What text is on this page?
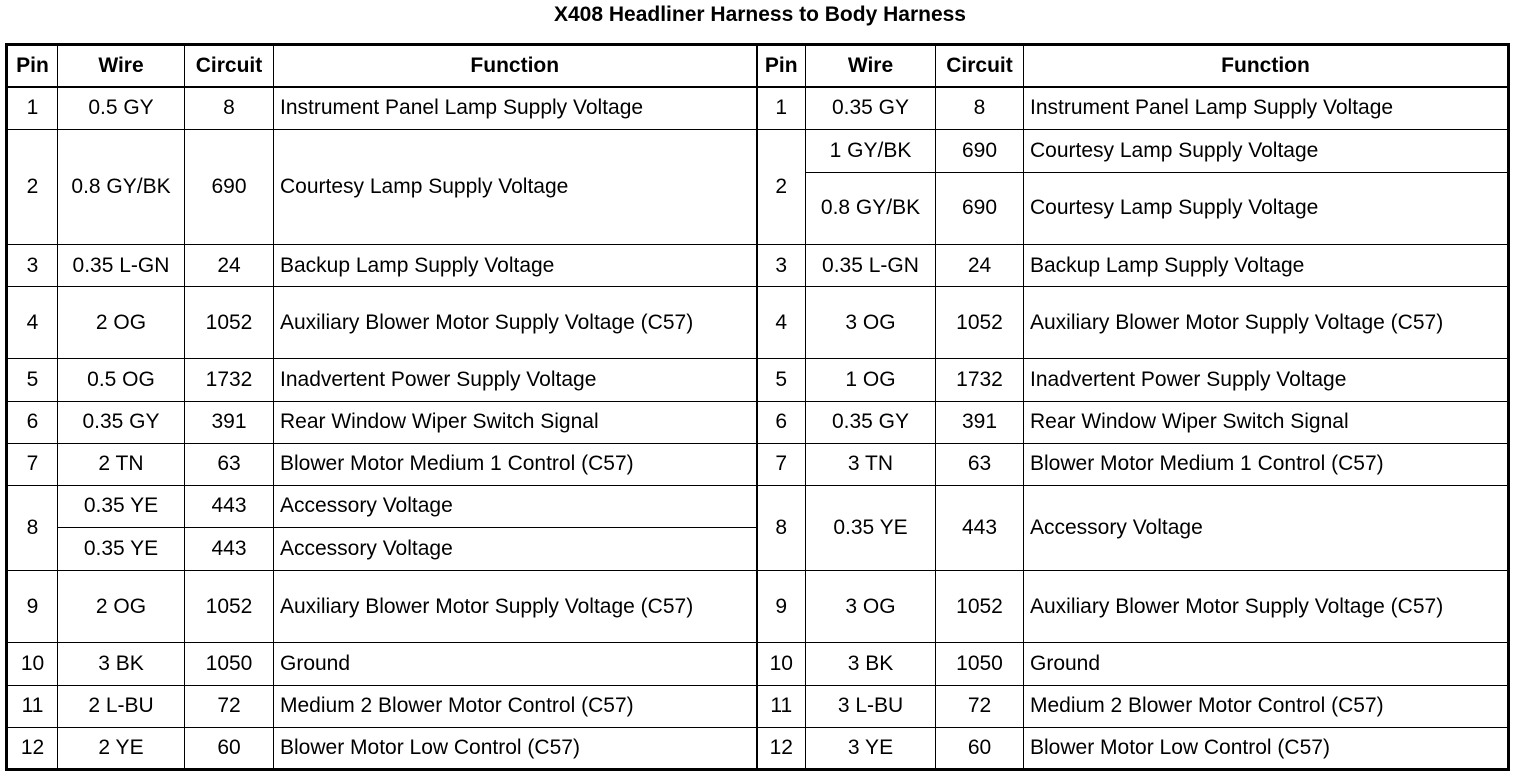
X408 Headliner Harness to Body Harness
Pin	Wire	Circuit	Function	Pin	Wire	Circuit	Function
1	0.5 GY	8	Instrument Panel Lamp Supply Voltage	1	0.35 GY	8	Instrument Panel Lamp Supply Voltage
2	0.8 GY/BK	690	Courtesy Lamp Supply Voltage	2	1 GY/BK	690	Courtesy Lamp Supply Voltage
					0.8 GY/BK	690	Courtesy Lamp Supply Voltage
3	0.35 L-GN	24	Backup Lamp Supply Voltage	3	0.35 L-GN	24	Backup Lamp Supply Voltage
4	2 OG	1052	Auxiliary Blower Motor Supply Voltage (C57)	4	3 OG	1052	Auxiliary Blower Motor Supply Voltage (C57)
5	0.5 OG	1732	Inadvertent Power Supply Voltage	5	1 OG	1732	Inadvertent Power Supply Voltage
6	0.35 GY	391	Rear Window Wiper Switch Signal	6	0.35 GY	391	Rear Window Wiper Switch Signal
7	2 TN	63	Blower Motor Medium 1 Control (C57)	7	3 TN	63	Blower Motor Medium 1 Control (C57)
8	0.35 YE	443	Accessory Voltage	8	0.35 YE	443	Accessory Voltage
	0.35 YE	443	Accessory Voltage				
9	2 OG	1052	Auxiliary Blower Motor Supply Voltage (C57)	9	3 OG	1052	Auxiliary Blower Motor Supply Voltage (C57)
10	3 BK	1050	Ground	10	3 BK	1050	Ground
11	2 L-BU	72	Medium 2 Blower Motor Control (C57)	11	3 L-BU	72	Medium 2 Blower Motor Control (C57)
12	2 YE	60	Blower Motor Low Control (C57)	12	3 YE	60	Blower Motor Low Control (C57)
